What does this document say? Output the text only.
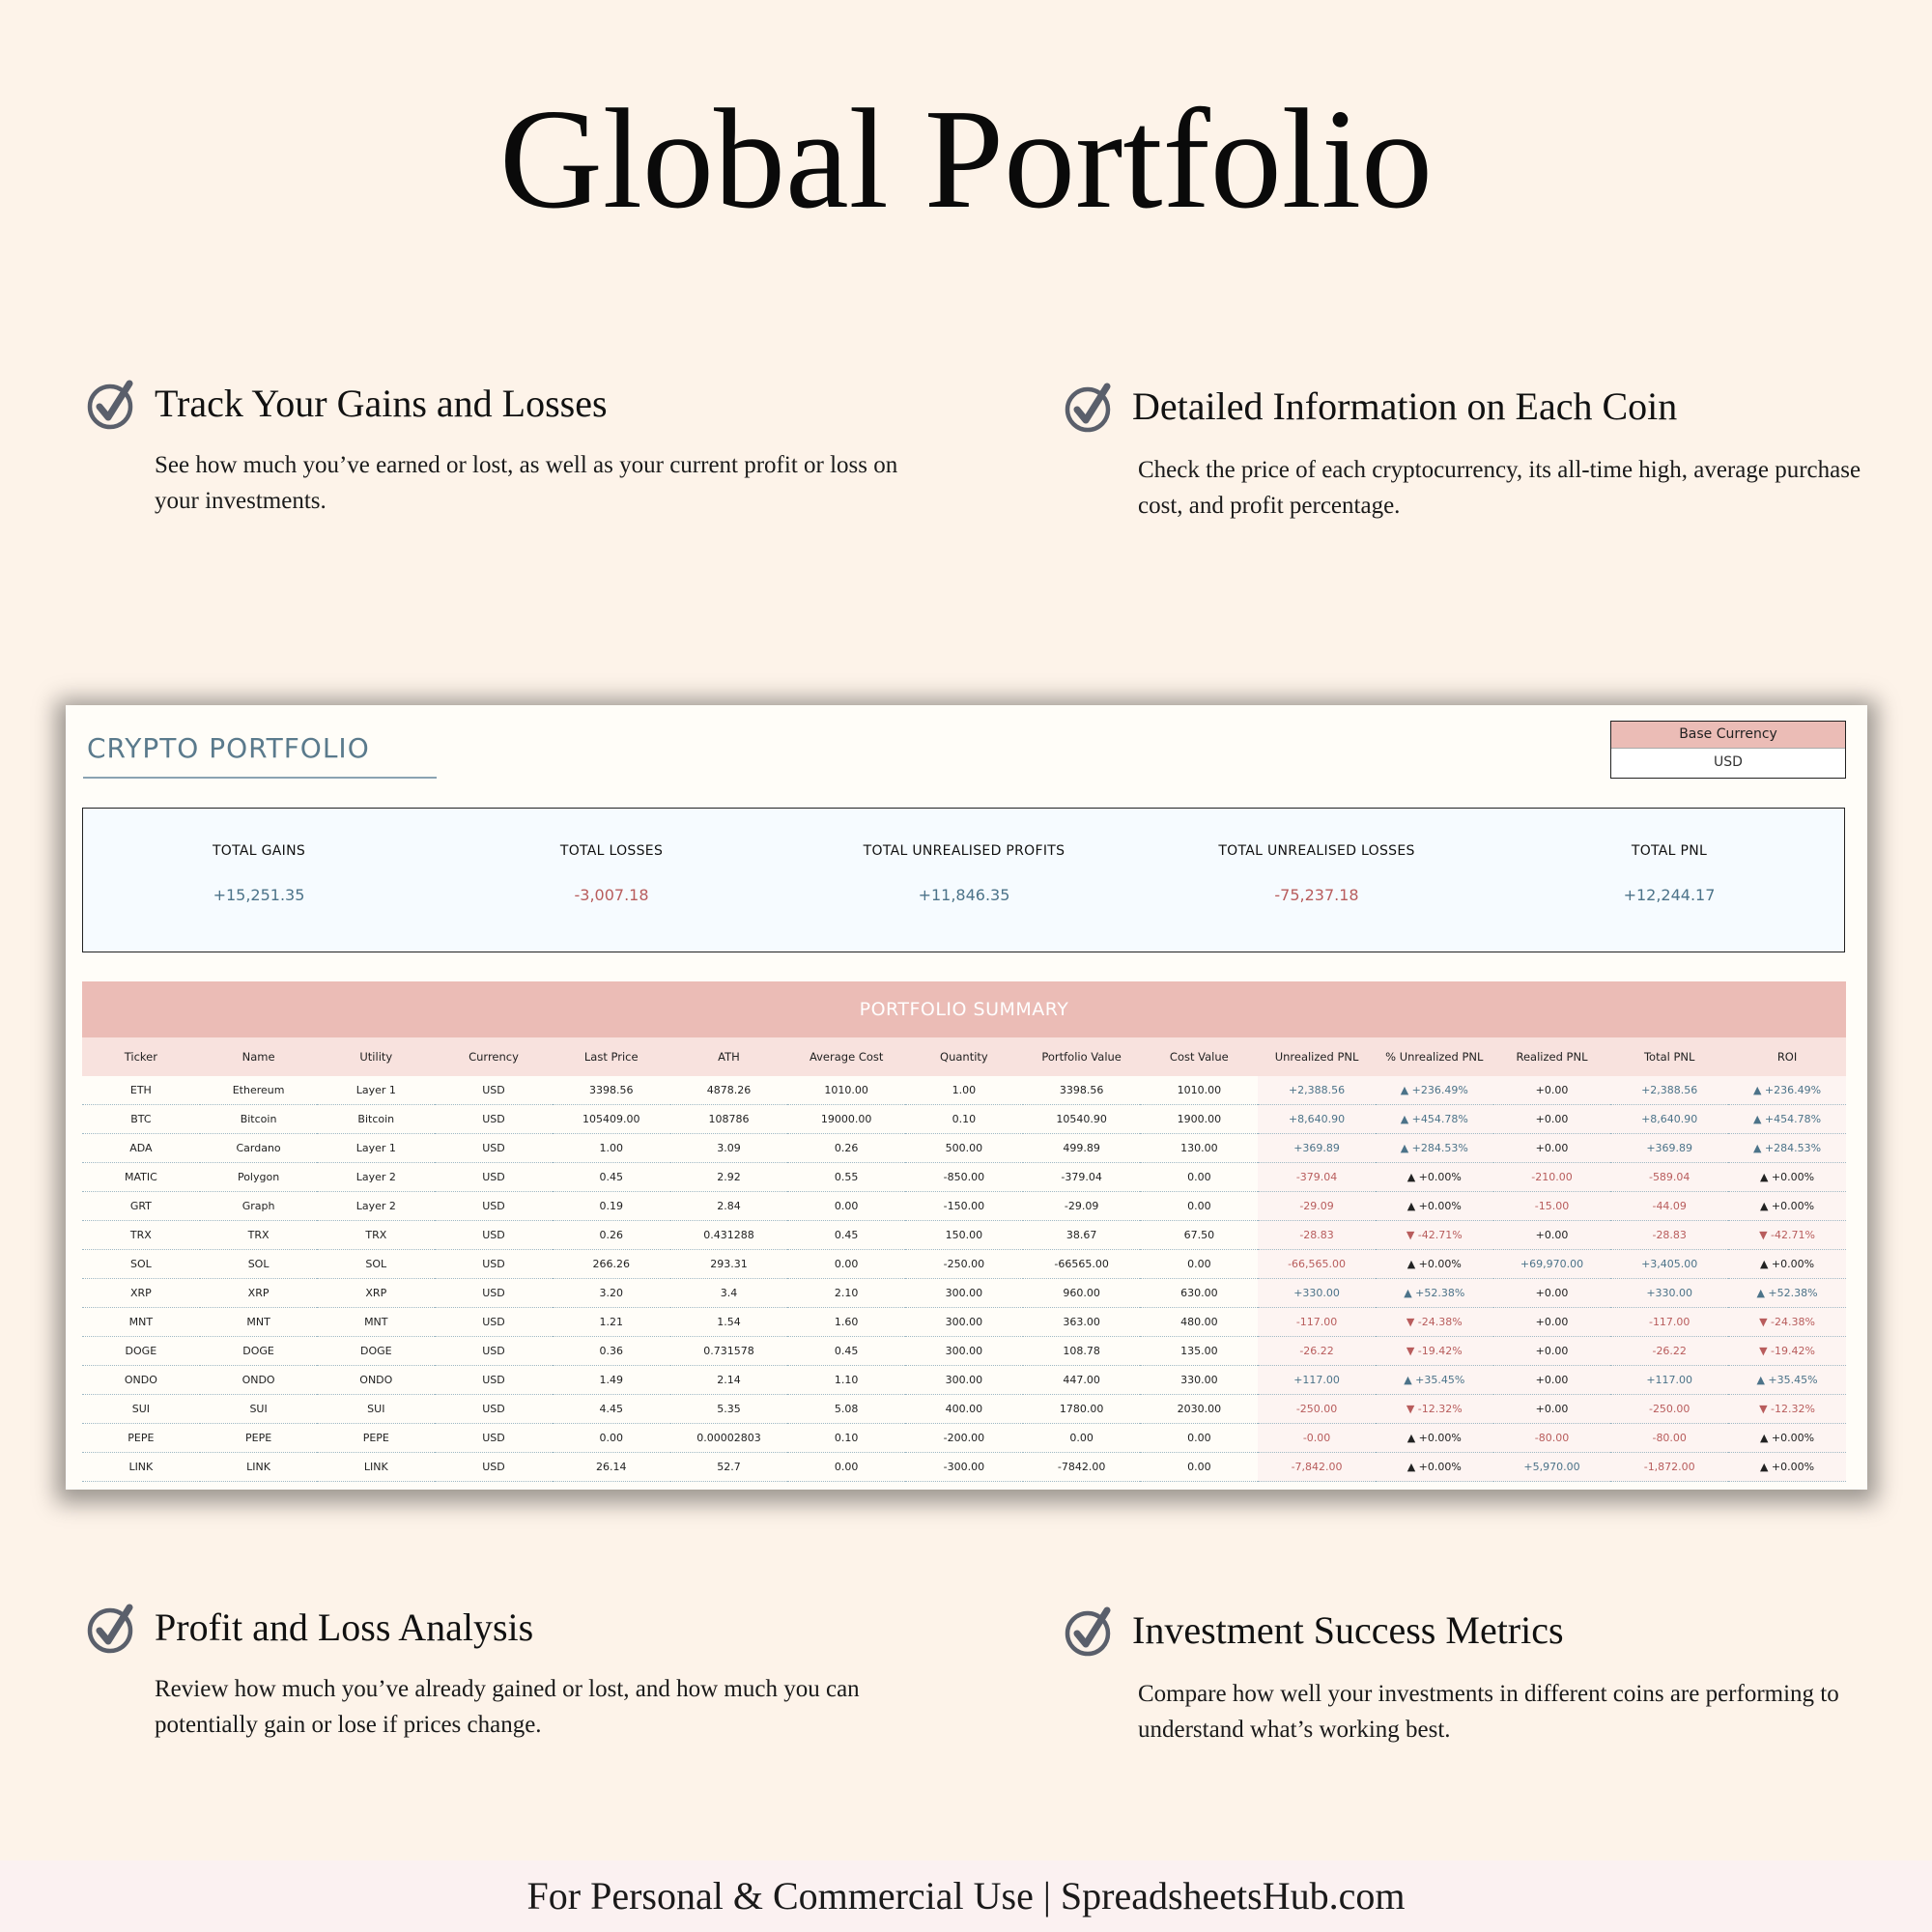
Global Portfolio
Track Your Gains and Losses

See how much you’ve earned or lost, as well as your current profit or loss on your investments.

Detailed Information on Each Coin

Check the price of each cryptocurrency, its all-time high, average purchase cost, and profit percentage.

CRYPTO PORTFOLIO	Base Currency
USD
TOTAL GAINS
+15,251.35
TOTAL LOSSES
-3,007.18
TOTAL UNREALISED PROFITS
+11,846.35
TOTAL UNREALISED LOSSES
-75,237.18
TOTAL PNL
+12,244.17
PORTFOLIO SUMMARY
Ticker	Name	Utility	Currency	Last Price	ATH	Average Cost	Quantity	Portfolio Value	Cost Value	Unrealized PNL	% Unrealized PNL	Realized PNL	Total PNL	ROI
ETH	Ethereum	Layer 1	USD	3398.56	4878.26	1010.00	1.00	3398.56	1010.00	+2,388.56	▲ +236.49%	+0.00	+2,388.56	▲ +236.49%
BTC	Bitcoin	Bitcoin	USD	105409.00	108786	19000.00	0.10	10540.90	1900.00	+8,640.90	▲ +454.78%	+0.00	+8,640.90	▲ +454.78%
ADA	Cardano	Layer 1	USD	1.00	3.09	0.26	500.00	499.89	130.00	+369.89	▲ +284.53%	+0.00	+369.89	▲ +284.53%
MATIC	Polygon	Layer 2	USD	0.45	2.92	0.55	-850.00	-379.04	0.00	-379.04	▲ +0.00%	-210.00	-589.04	▲ +0.00%
GRT	Graph	Layer 2	USD	0.19	2.84	0.00	-150.00	-29.09	0.00	-29.09	▲ +0.00%	-15.00	-44.09	▲ +0.00%
TRX	TRX	TRX	USD	0.26	0.431288	0.45	150.00	38.67	67.50	-28.83	▼ -42.71%	+0.00	-28.83	▼ -42.71%
SOL	SOL	SOL	USD	266.26	293.31	0.00	-250.00	-66565.00	0.00	-66,565.00	▲ +0.00%	+69,970.00	+3,405.00	▲ +0.00%
XRP	XRP	XRP	USD	3.20	3.4	2.10	300.00	960.00	630.00	+330.00	▲ +52.38%	+0.00	+330.00	▲ +52.38%
MNT	MNT	MNT	USD	1.21	1.54	1.60	300.00	363.00	480.00	-117.00	▼ -24.38%	+0.00	-117.00	▼ -24.38%
DOGE	DOGE	DOGE	USD	0.36	0.731578	0.45	300.00	108.78	135.00	-26.22	▼ -19.42%	+0.00	-26.22	▼ -19.42%
ONDO	ONDO	ONDO	USD	1.49	2.14	1.10	300.00	447.00	330.00	+117.00	▲ +35.45%	+0.00	+117.00	▲ +35.45%
SUI	SUI	SUI	USD	4.45	5.35	5.08	400.00	1780.00	2030.00	-250.00	▼ -12.32%	+0.00	-250.00	▼ -12.32%
PEPE	PEPE	PEPE	USD	0.00	0.00002803	0.10	-200.00	0.00	0.00	-0.00	▲ +0.00%	-80.00	-80.00	▲ +0.00%
LINK	LINK	LINK	USD	26.14	52.7	0.00	-300.00	-7842.00	0.00	-7,842.00	▲ +0.00%	+5,970.00	-1,872.00	▲ +0.00%
Profit and Loss Analysis

Review how much you’ve already gained or lost, and how much you can potentially gain or lose if prices change.

Investment Success Metrics

Compare how well your investments in different coins are performing to understand what’s working best.

For Personal & Commercial Use | SpreadsheetsHub.com
